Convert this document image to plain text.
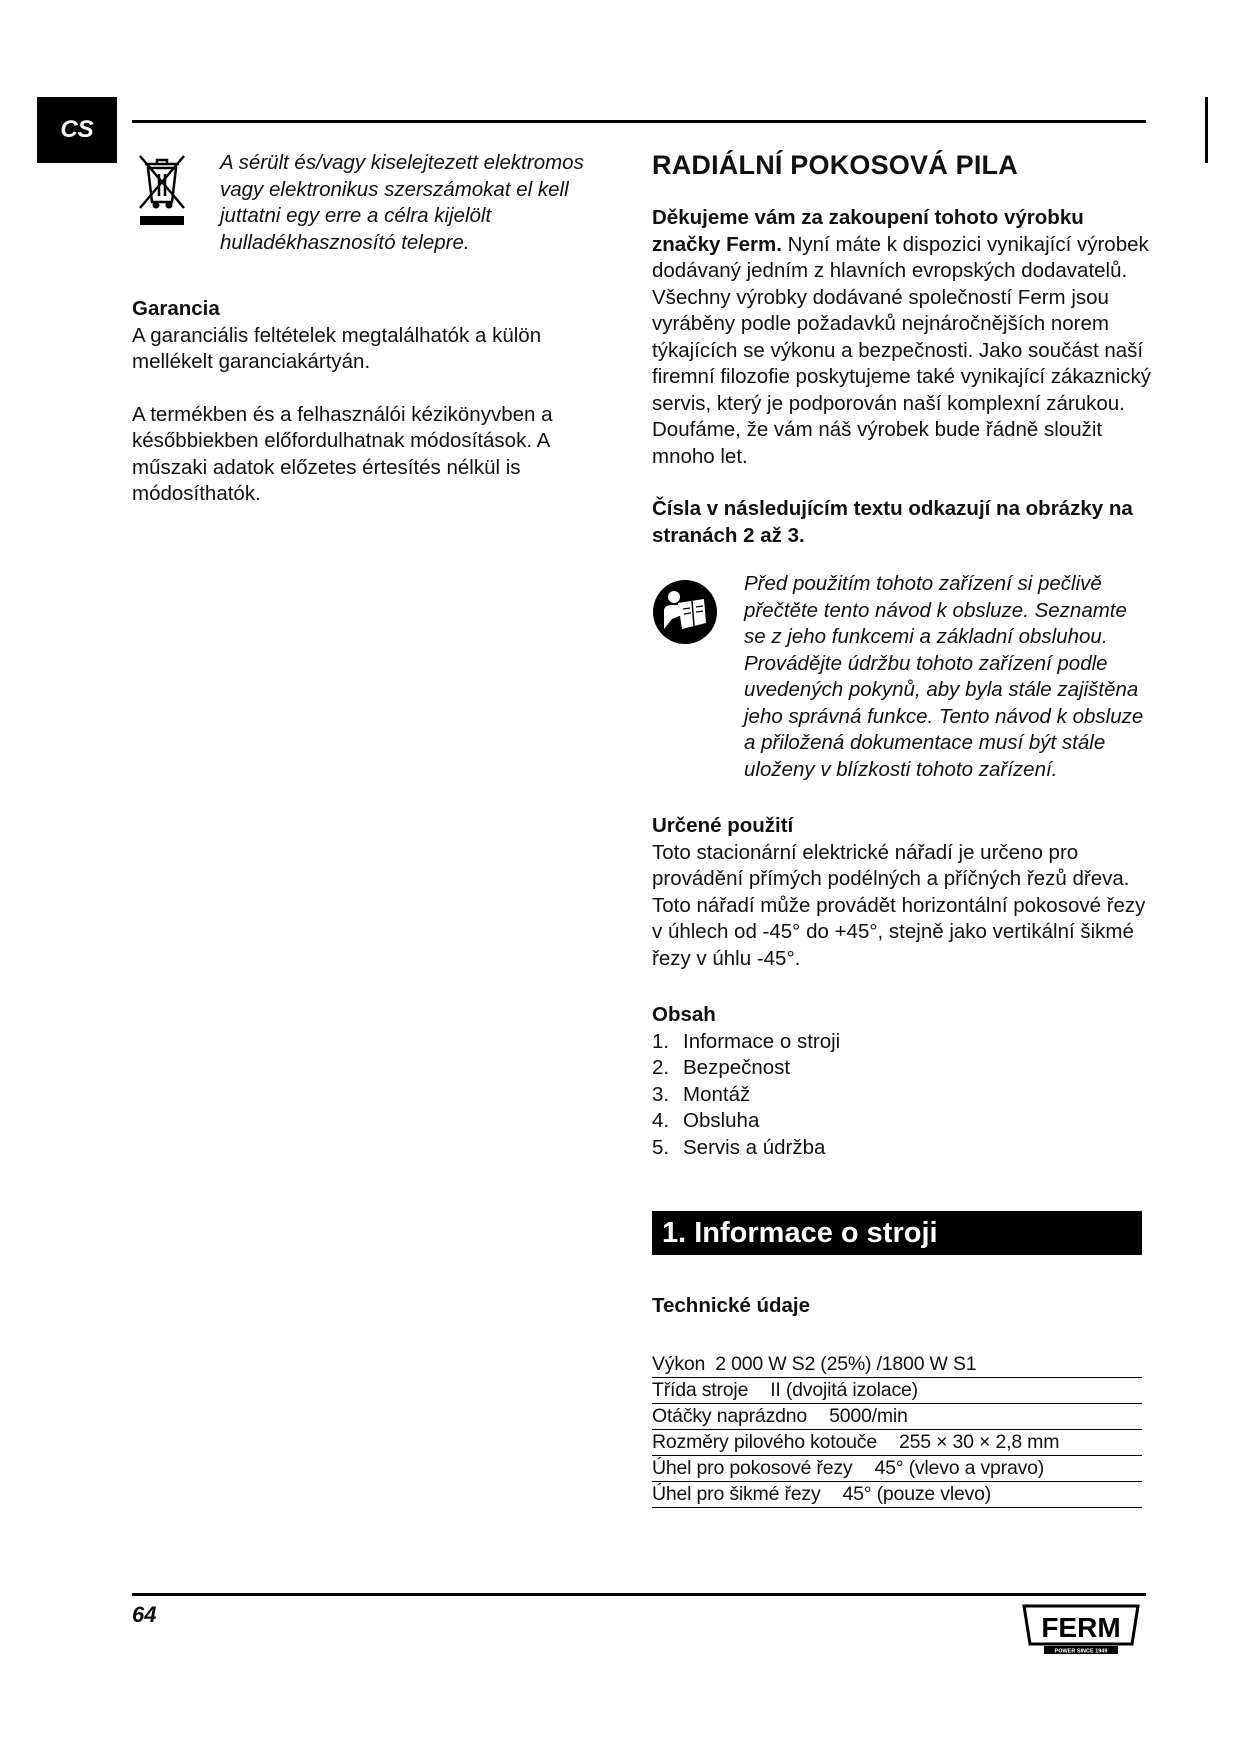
CS

A sérült és/vagy kiselejtezett elektromos vagy elektronikus szerszámokat el kell juttatni egy erre a célra kijelölt hulladékhasznosító telepre.

Garancia

A garanciális feltételek megtalálhatók a külön mellékelt garanciakártyán.

A termékben és a felhasználói kézikönyvben a későbbiekben előfordulhatnak módosítások. A műszaki adatok előzetes értesítés nélkül is módosíthatók.

RADIÁLNÍ POKOSOVÁ PILA

Děkujeme vám za zakoupení tohoto výrobku značky Ferm. Nyní máte k dispozici vynikající výrobek dodávaný jedním z hlavních evropských dodavatelů. Všechny výrobky dodávané společností Ferm jsou vyráběny podle požadavků nejnáročnějších norem týkajících se výkonu a bezpečnosti. Jako součást naší firemní filozofie poskytujeme také vynikající zákaznický servis, který je podporován naší komplexní zárukou. Doufáme, že vám náš výrobek bude řádně sloužit mnoho let.

Čísla v následujícím textu odkazují na obrázky na stranách 2 až 3.

Před použitím tohoto zařízení si pečlivě přečtěte tento návod k obsluze. Seznamte se z jeho funkcemi a základní obsluhou. Provádějte údržbu tohoto zařízení podle uvedených pokynů, aby byla stále zajištěna jeho správná funkce. Tento návod k obsluze a přiložená dokumentace musí být stále uloženy v blízkosti tohoto zařízení.

Určené použití

Toto stacionární elektrické nářadí je určeno pro provádění přímých podélných a příčných řezů dřeva. Toto nářadí může provádět horizontální pokosové řezy v úhlech od -45° do +45°, stejně jako vertikální šikmé řezy v úhlu -45°.

Obsah

1. Informace o stroji
2. Bezpečnost
3. Montáž
4. Obsluha
5. Servis a údržba
1. Informace o stroji

Technické údaje

Výkon 2 000 W S2 (25%) /1800 W S1
Třída stroje II (dvojitá izolace)
Otáčky naprázdno 5000/min
Rozměry pilového kotouče 255 × 30 × 2,8 mm
Úhel pro pokosové řezy 45° (vlevo a vpravo)
Úhel pro šikmé řezy 45° (pouze vlevo)
64	FERM
POWER SINCE 1949
